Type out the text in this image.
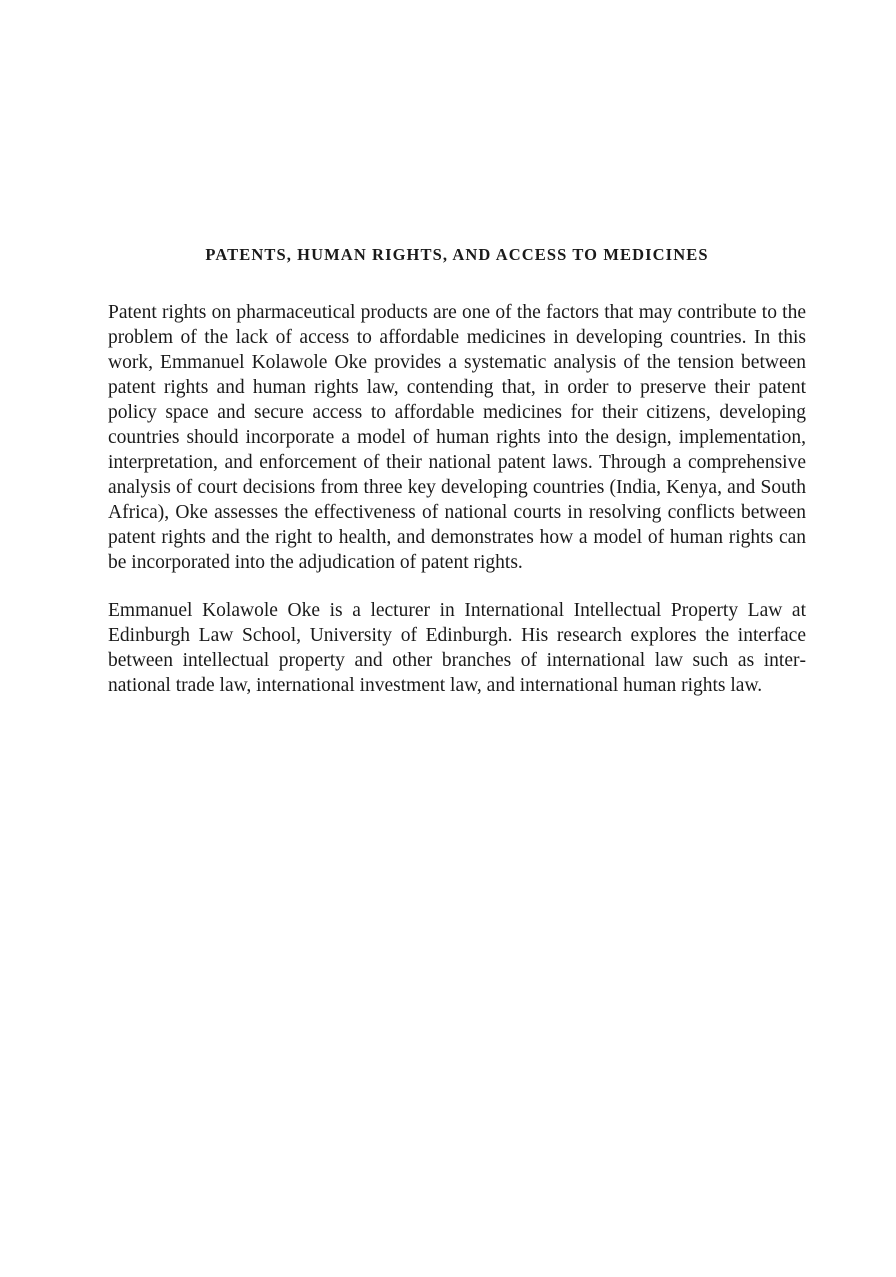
PATENTS, HUMAN RIGHTS, AND ACCESS TO MEDICINES

Patent rights on pharmaceutical products are one of the factors that may contribute to the problem of the lack of access to affordable medicines in developing countries. In this work, Emmanuel Kolawole Oke provides a systematic analysis of the tension between patent rights and human rights law, contending that, in order to preserve their patent policy space and secure access to affordable medicines for their citizens, developing countries should incorporate a model of human rights into the design, implementation, interpretation, and enforcement of their national patent laws. Through a comprehensive analysis of court decisions from three key developing countries (India, Kenya, and South Africa), Oke assesses the effectiveness of national courts in resolving conflicts between patent rights and the right to health, and demonstrates how a model of human rights can be incorporated into the adjudication of patent rights.

Emmanuel Kolawole Oke is a lecturer in International Intellectual Property Law at Edinburgh Law School, University of Edinburgh. His research explores the interface between intellectual property and other branches of international law such as international trade law, international investment law, and international human rights law.
